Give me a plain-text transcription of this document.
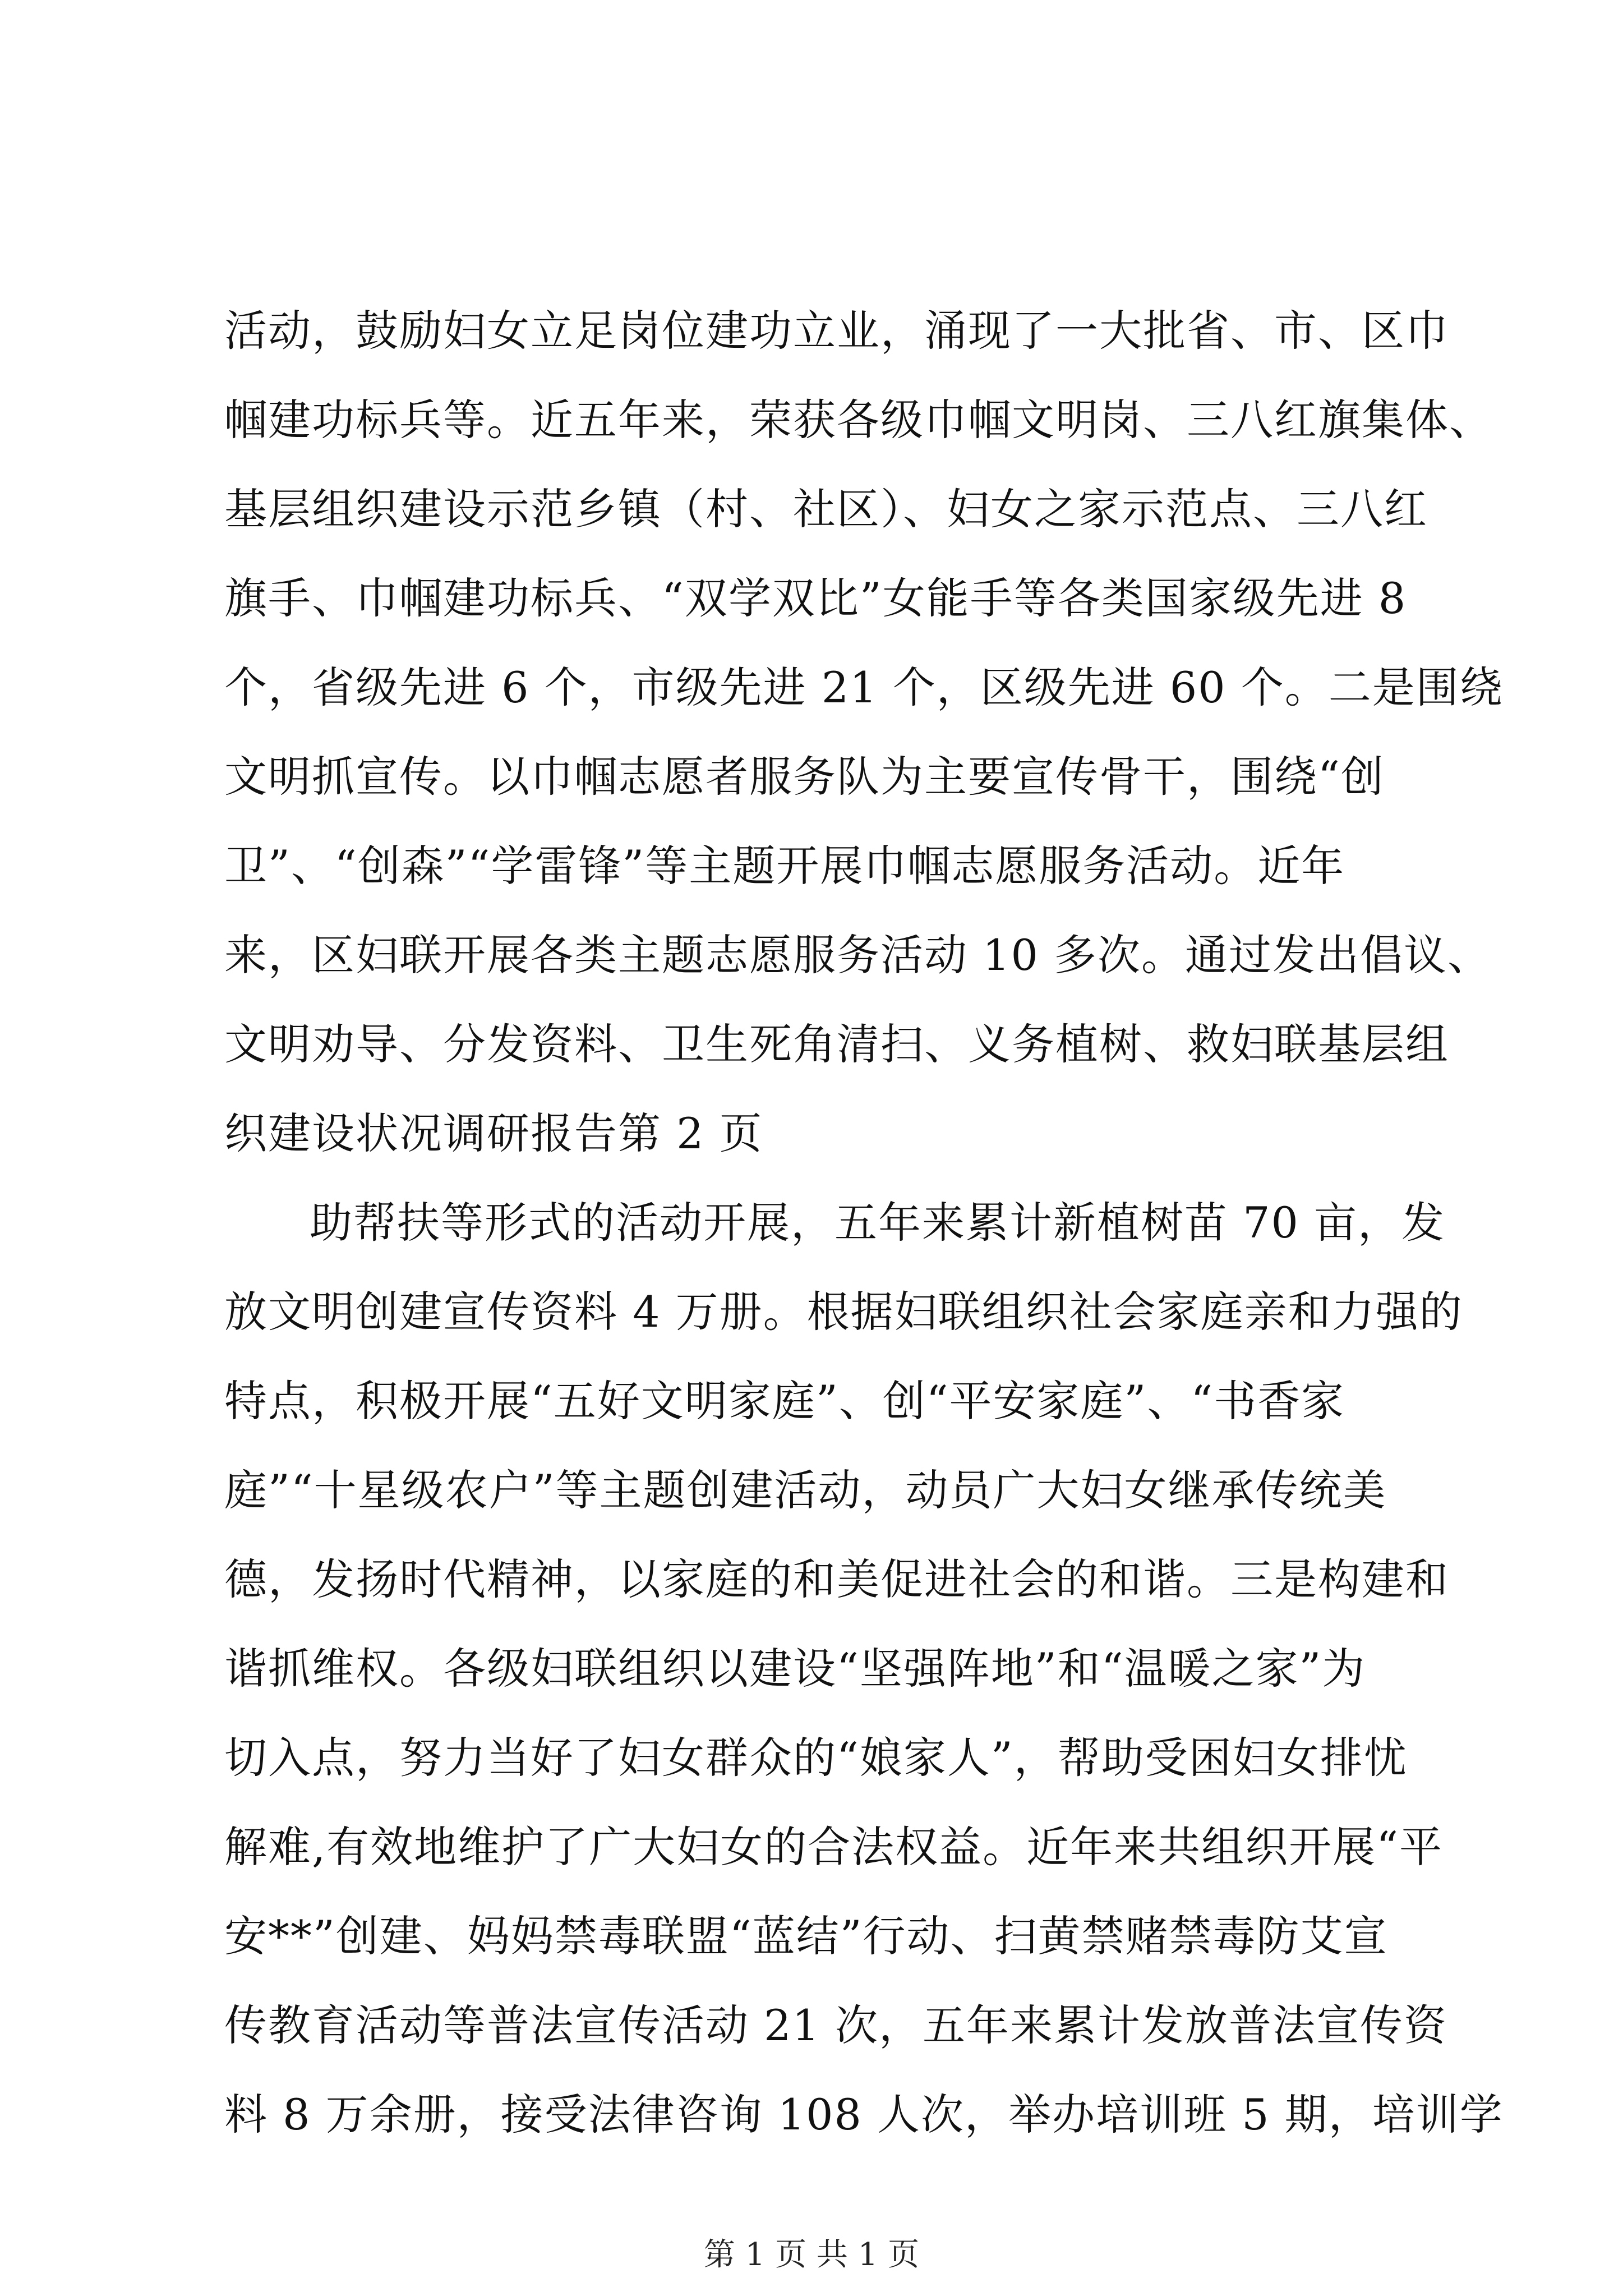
活动，鼓励妇女立足岗位建功立业，涌现了一大批省、市、区巾
帼建功标兵等。近五年来，荣获各级巾帼文明岗、三八红旗集体、
基层组织建设示范乡镇（村、社区）、妇女之家示范点、三八红
旗手、巾帼建功标兵、“双学双比”女能手等各类国家级先进 8
个，省级先进 6 个，市级先进 21 个，区级先进 60 个。二是围绕
文明抓宣传。以巾帼志愿者服务队为主要宣传骨干，围绕“创
卫”、“创森”“学雷锋”等主题开展巾帼志愿服务活动。近年
来，区妇联开展各类主题志愿服务活动 10 多次。通过发出倡议、
文明劝导、分发资料、卫生死角清扫、义务植树、救妇联基层组
织建设状况调研报告第 2 页
助帮扶等形式的活动开展，五年来累计新植树苗 70 亩，发
放文明创建宣传资料 4 万册。根据妇联组织社会家庭亲和力强的
特点，积极开展“五好文明家庭”、创“平安家庭”、“书香家
庭”“十星级农户”等主题创建活动，动员广大妇女继承传统美
德，发扬时代精神，以家庭的和美促进社会的和谐。三是构建和
谐抓维权。各级妇联组织以建设“坚强阵地”和“温暖之家”为
切入点，努力当好了妇女群众的“娘家人”，帮助受困妇女排忧
解难,有效地维护了广大妇女的合法权益。近年来共组织开展“平
安**”创建、妈妈禁毒联盟“蓝结”行动、扫黄禁赌禁毒防艾宣
传教育活动等普法宣传活动 21 次，五年来累计发放普法宣传资
料 8 万余册，接受法律咨询 108 人次，举办培训班 5 期，培训学
第 1 页 共 1 页
